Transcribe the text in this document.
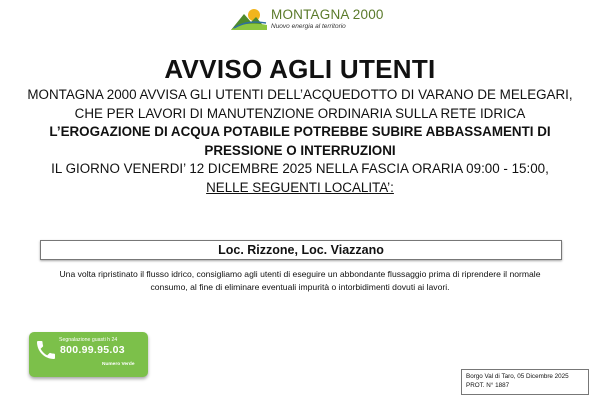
MONTAGNA 2000
Nuovo energia al territorio
AVVISO AGLI UTENTI
MONTAGNA 2000 AVVISA GLI UTENTI DELL’ACQUEDOTTO DI VARANO DE MELEGARI,
CHE PER LAVORI DI MANUTENZIONE ORDINARIA SULLA RETE IDRICA
L’EROGAZIONE DI ACQUA POTABILE POTREBBE SUBIRE ABBASSAMENTI DI
PRESSIONE O INTERRUZIONI
IL GIORNO VENERDI’ 12 DICEMBRE 2025 NELLA FASCIA ORARIA 09:00 - 15:00,
NELLE SEGUENTI LOCALITA’:
Loc. Rizzone, Loc. Viazzano
Una volta ripristinato il flusso idrico, consigliamo agli utenti di eseguire un abbondante flussaggio prima di riprendere il normale
consumo, al fine di eliminare eventuali impurità o intorbidimenti dovuti ai lavori.
Segnalazione guasti h 24
800.99.95.03
Numero Verde
Borgo Val di Taro, 05 Dicembre 2025
PROT. N° 1887
